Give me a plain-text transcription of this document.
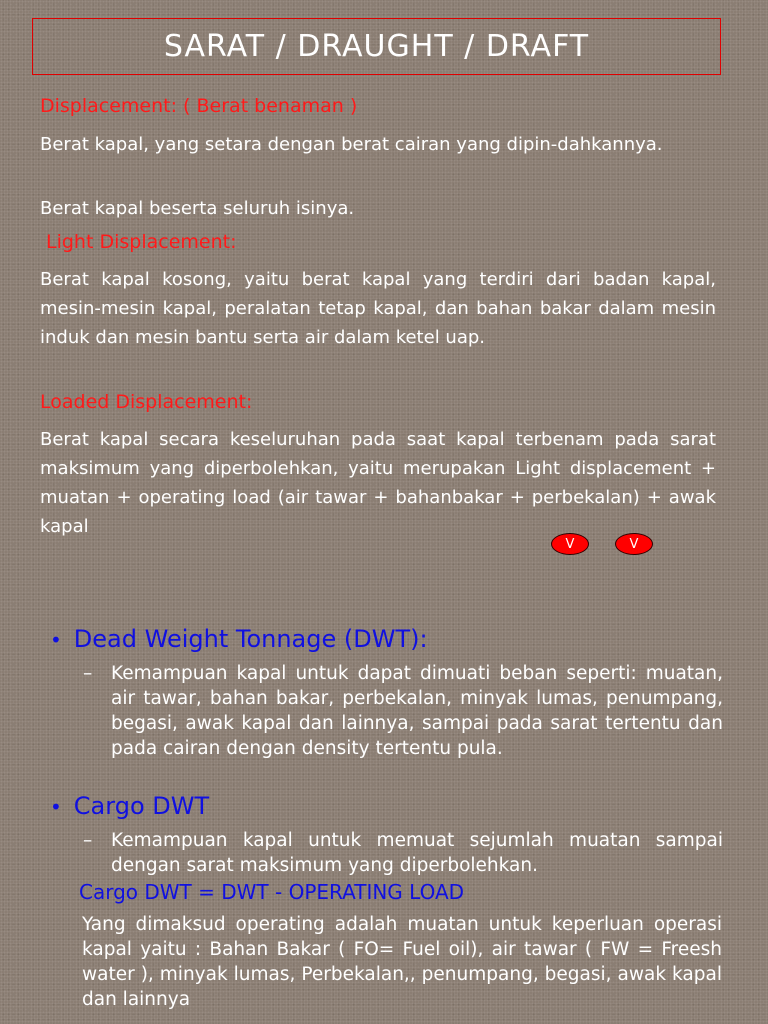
SARAT / DRAUGHT / DRAFT
Displacement: ( Berat benaman )
Berat kapal, yang setara dengan berat cairan yang dipin-dahkannya.
Berat kapal beserta seluruh isinya.
Light Displacement:
Berat kapal kosong, yaitu berat kapal yang terdiri dari badan kapal, mesin-mesin kapal, peralatan tetap kapal, dan bahan bakar dalam mesin induk dan mesin bantu serta air dalam ketel uap.
Loaded Displacement:
Berat kapal secara keseluruhan pada saat kapal terbenam pada sarat maksimum yang diperbolehkan, yaitu merupakan Light displacement + muatan + operating load (air tawar + bahanbakar + perbekalan) + awak kapal
V	V
• Dead Weight Tonnage (DWT):
–	Kemampuan kapal untuk dapat dimuati beban seperti: muatan, air tawar, bahan bakar, perbekalan, minyak lumas, penumpang, begasi, awak kapal dan lainnya, sampai pada sarat tertentu dan pada cairan dengan density tertentu pula.
• Cargo DWT
–	Kemampuan kapal untuk memuat sejumlah muatan sampai dengan sarat maksimum yang diperbolehkan.
Cargo DWT = DWT - OPERATING LOAD
Yang dimaksud operating adalah muatan untuk keperluan operasi kapal yaitu : Bahan Bakar ( FO= Fuel oil), air tawar ( FW = Freesh water ), minyak lumas, Perbekalan,, penumpang, begasi, awak kapal dan lainnya
